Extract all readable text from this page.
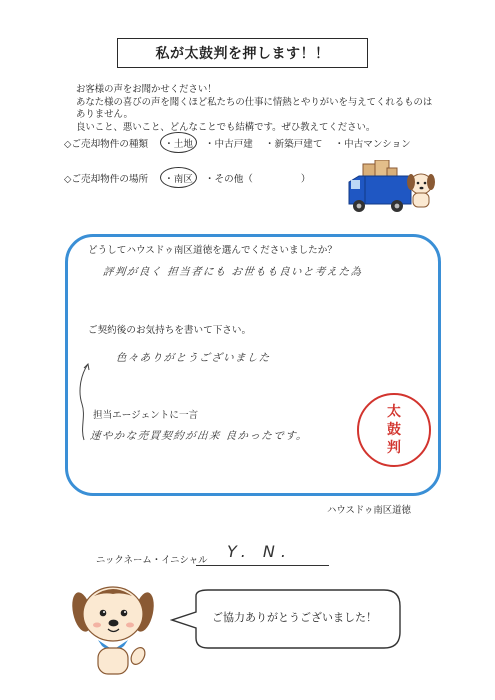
私が太鼓判を押します！！
お客様の声をお聞かせください！
あなた様の喜びの声を聞くほど私たちの仕事に情熱とやりがいを与えてくれるものは
ありません。
良いこと、悪いこと、どんなことでも結構です。ぜひ教えてください。
◇ご売却物件の種類 ・土地 ・中古戸建 ・新築戸建て ・中古マンション
◇ご売却物件の場所 ・南区 ・その他（	）
どうしてハウスドゥ南区道徳を選んでくださいましたか？
評判が良く 担当者にも お世もも良いと考えた為
ご契約後のお気持ちを書いて下さい。
色々ありがとうございました
担当エージェントに一言
速やかな売買契約が出来 良かったです。
太
鼓
判
ハウスドゥ南区道徳
ニックネーム・イニシャル Y. N.
ご協力ありがとうございました！
